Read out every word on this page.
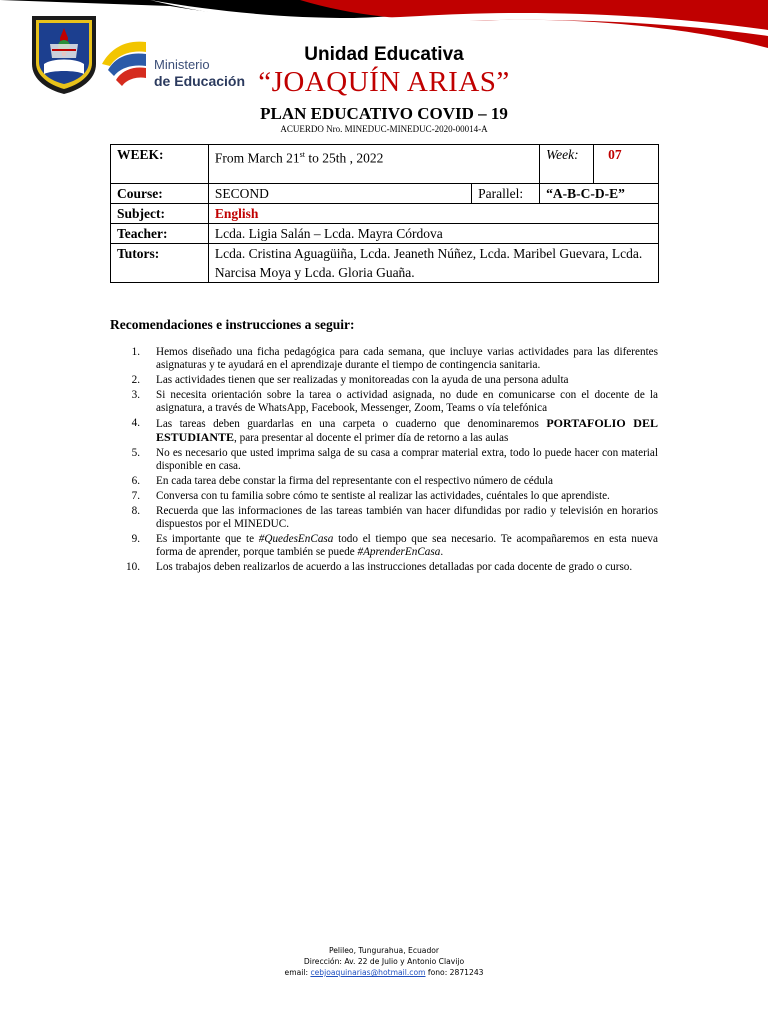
Ministerio
de Educación
Unidad Educativa
“JOAQUÍN ARIAS”
PLAN EDUCATIVO COVID – 19
ACUERDO Nro. MINEDUC-MINEDUC-2020-00014-A
WEEK:	From March 21st to 25th , 2022		Week:	07
Course:	SECOND	Parallel:	“A-B-C-D-E”	
Subject:	English			
Teacher:	Lcda. Ligia Salán – Lcda. Mayra Córdova			
Tutors:	Lcda. Cristina Aguagüiña, Lcda. Jeaneth Núñez, Lcda. Maribel Guevara, Lcda. Narcisa Moya y Lcda. Gloria Guaña.			
Recomendaciones e instrucciones a seguir:
Hemos diseñado una ficha pedagógica para cada semana, que incluye varias actividades para las diferentes asignaturas y te ayudará en el aprendizaje durante el tiempo de contingencia sanitaria.
Las actividades tienen que ser realizadas y monitoreadas con la ayuda de una persona adulta
Si necesita orientación sobre la tarea o actividad asignada, no dude en comunicarse con el docente de la asignatura, a través de WhatsApp, Facebook, Messenger, Zoom, Teams o vía telefónica
Las tareas deben guardarlas en una carpeta o cuaderno que denominaremos PORTAFOLIO DEL ESTUDIANTE, para presentar al docente el primer día de retorno a las aulas
No es necesario que usted imprima salga de su casa a comprar material extra, todo lo puede hacer con material disponible en casa.
En cada tarea debe constar la firma del representante con el respectivo número de cédula
Conversa con tu familia sobre cómo te sentiste al realizar las actividades, cuéntales lo que aprendiste.
Recuerda que las informaciones de las tareas también van hacer difundidas por radio y televisión en horarios dispuestos por el MINEDUC.
Es importante que te #QuedesEnCasa todo el tiempo que sea necesario. Te acompañaremos en esta nueva forma de aprender, porque también se puede #AprenderEnCasa.
Los trabajos deben realizarlos de acuerdo a las instrucciones detalladas por cada docente de grado o curso.
Pelileo, Tungurahua, Ecuador
Dirección: Av. 22 de Julio y Antonio Clavijo
email: cebjoaquinarias@hotmail.com fono: 2871243
